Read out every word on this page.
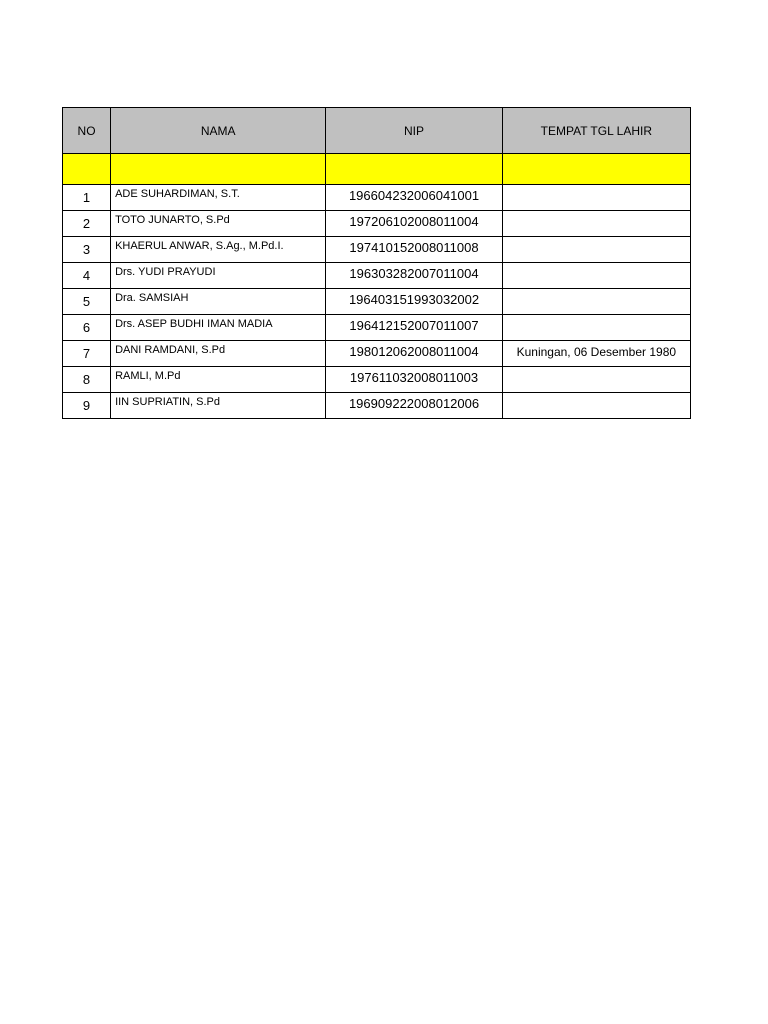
NO	NAMA	NIP	TEMPAT TGL LAHIR

1	ADE SUHARDIMAN, S.T.	196604232006041001	
2	TOTO JUNARTO, S.Pd	197206102008011004	
3	KHAERUL ANWAR, S.Ag., M.Pd.I.	197410152008011008	
4	Drs. YUDI PRAYUDI	196303282007011004	
5	Dra. SAMSIAH	196403151993032002	
6	Drs. ASEP BUDHI IMAN MADIA	196412152007011007	
7	DANI RAMDANI, S.Pd	198012062008011004	Kuningan, 06 Desember 1980
8	RAMLI, M.Pd	197611032008011003	
9	IIN SUPRIATIN, S.Pd	196909222008012006	
